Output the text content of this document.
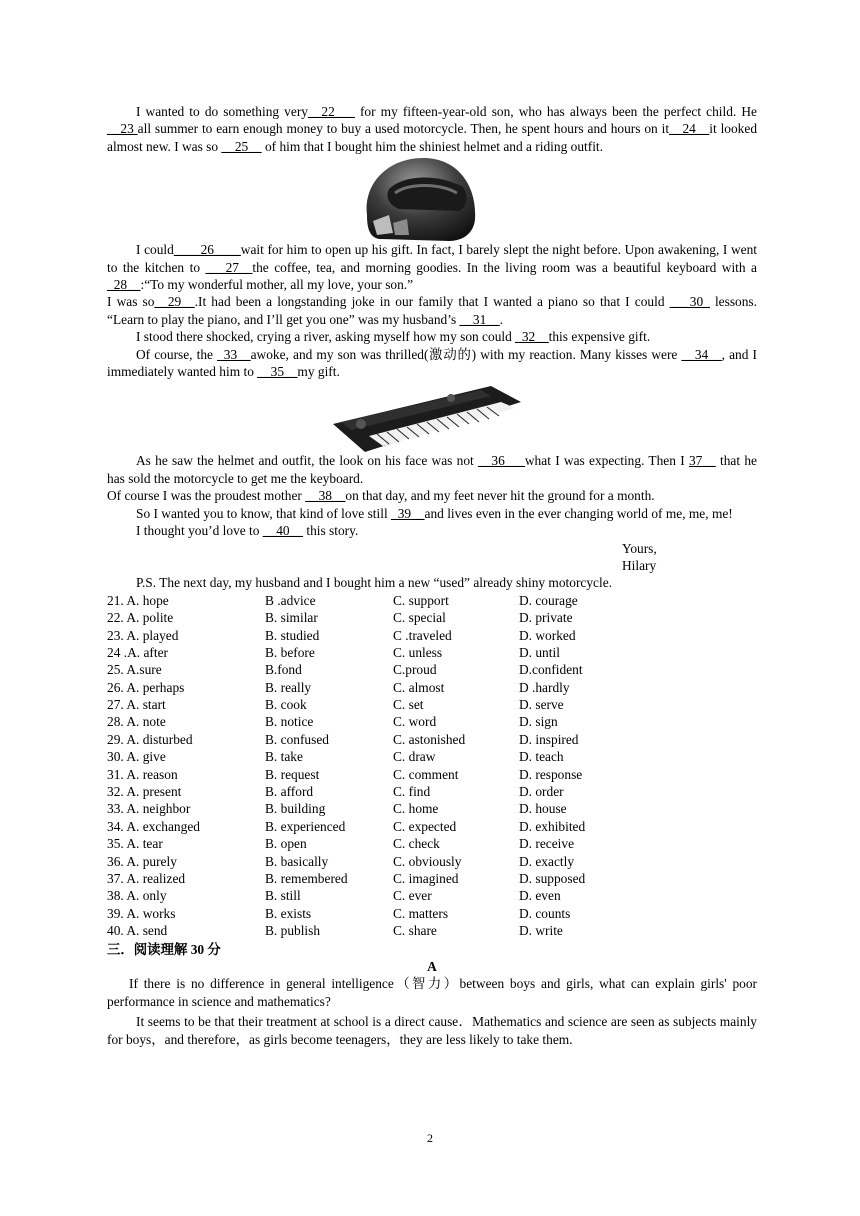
I wanted to do something very__22___ for my fifteen-year-old son, who has always been the perfect child. He __23 all summer to earn enough money to buy a used motorcycle. Then, he spent hours and hours on it__24__it looked almost new. I was so __25__ of him that I bought him the shiniest helmet and a riding outfit.

I could____26____wait for him to open up his gift. In fact, I barely slept the night before. Upon awakening, I went to the kitchen to ___27__the coffee, tea, and morning goodies. In the living room was a beautiful keyboard with a _28__:“To my wonderful mother, all my love, your son.”

I was so__29__.It had been a longstanding joke in our family that I wanted a piano so that I could ___30_ lessons. “Learn to play the piano, and I’ll get you one” was my husband’s __31__.

I stood there shocked, crying a river, asking myself how my son could _32__this expensive gift.

Of course, the _33__awoke, and my son was thrilled(激动的) with my reaction. Many kisses were __34__, and I immediately wanted him to __35__my gift.

As he saw the helmet and outfit, the look on his face was not __36___what I was expecting. Then I 37__ that he has sold the motorcycle to get me the keyboard.

Of course I was the proudest mother __38__on that day, and my feet never hit the ground for a month.

So I wanted you to know, that kind of love still _39__and lives even in the ever changing world of me, me, me!

I thought you’d love to __40__ this story.

Yours,

Hilary

P.S. The next day, my husband and I bought him a new “used” already shiny motorcycle.

21. A. hope	B .advice	C. support	D. courage
22. A. polite	B. similar	C. special	D. private
23. A. played	B. studied	C .traveled	D. worked
24 .A. after	B. before	C. unless	D. until
25. A.sure	B.fond	C.proud	D.confident
26. A. perhaps	B. really	C. almost	D .hardly
27. A. start	B. cook	C. set	D. serve
28. A. note	B. notice	C. word	D. sign
29. A. disturbed	B. confused	C. astonished	D. inspired
30. A. give	B. take	C. draw	D. teach
31. A. reason	B. request	C. comment	D. response
32. A. present	B. afford	C. find	D. order
33. A. neighbor	B. building	C. home	D. house
34. A. exchanged	B. experienced	C. expected	D. exhibited
35. A. tear	B. open	C. check	D. receive
36. A. purely	B. basically	C. obviously	D. exactly
37. A. realized	B. remembered	C. imagined	D. supposed
38. A. only	B. still	C. ever	D. even
39. A. works	B. exists	C. matters	D. counts
40. A. send	B. publish	C. share	D. write

三．阅读理解 30 分

A

If there is no difference in general intelligence（智力）between boys and girls, what can explain girls' poor performance in science and mathematics?

It seems to be that their treatment at school is a direct cause．Mathematics and science are seen as subjects mainly for boys，and therefore，as girls become teenagers，they are less likely to take them.

2
